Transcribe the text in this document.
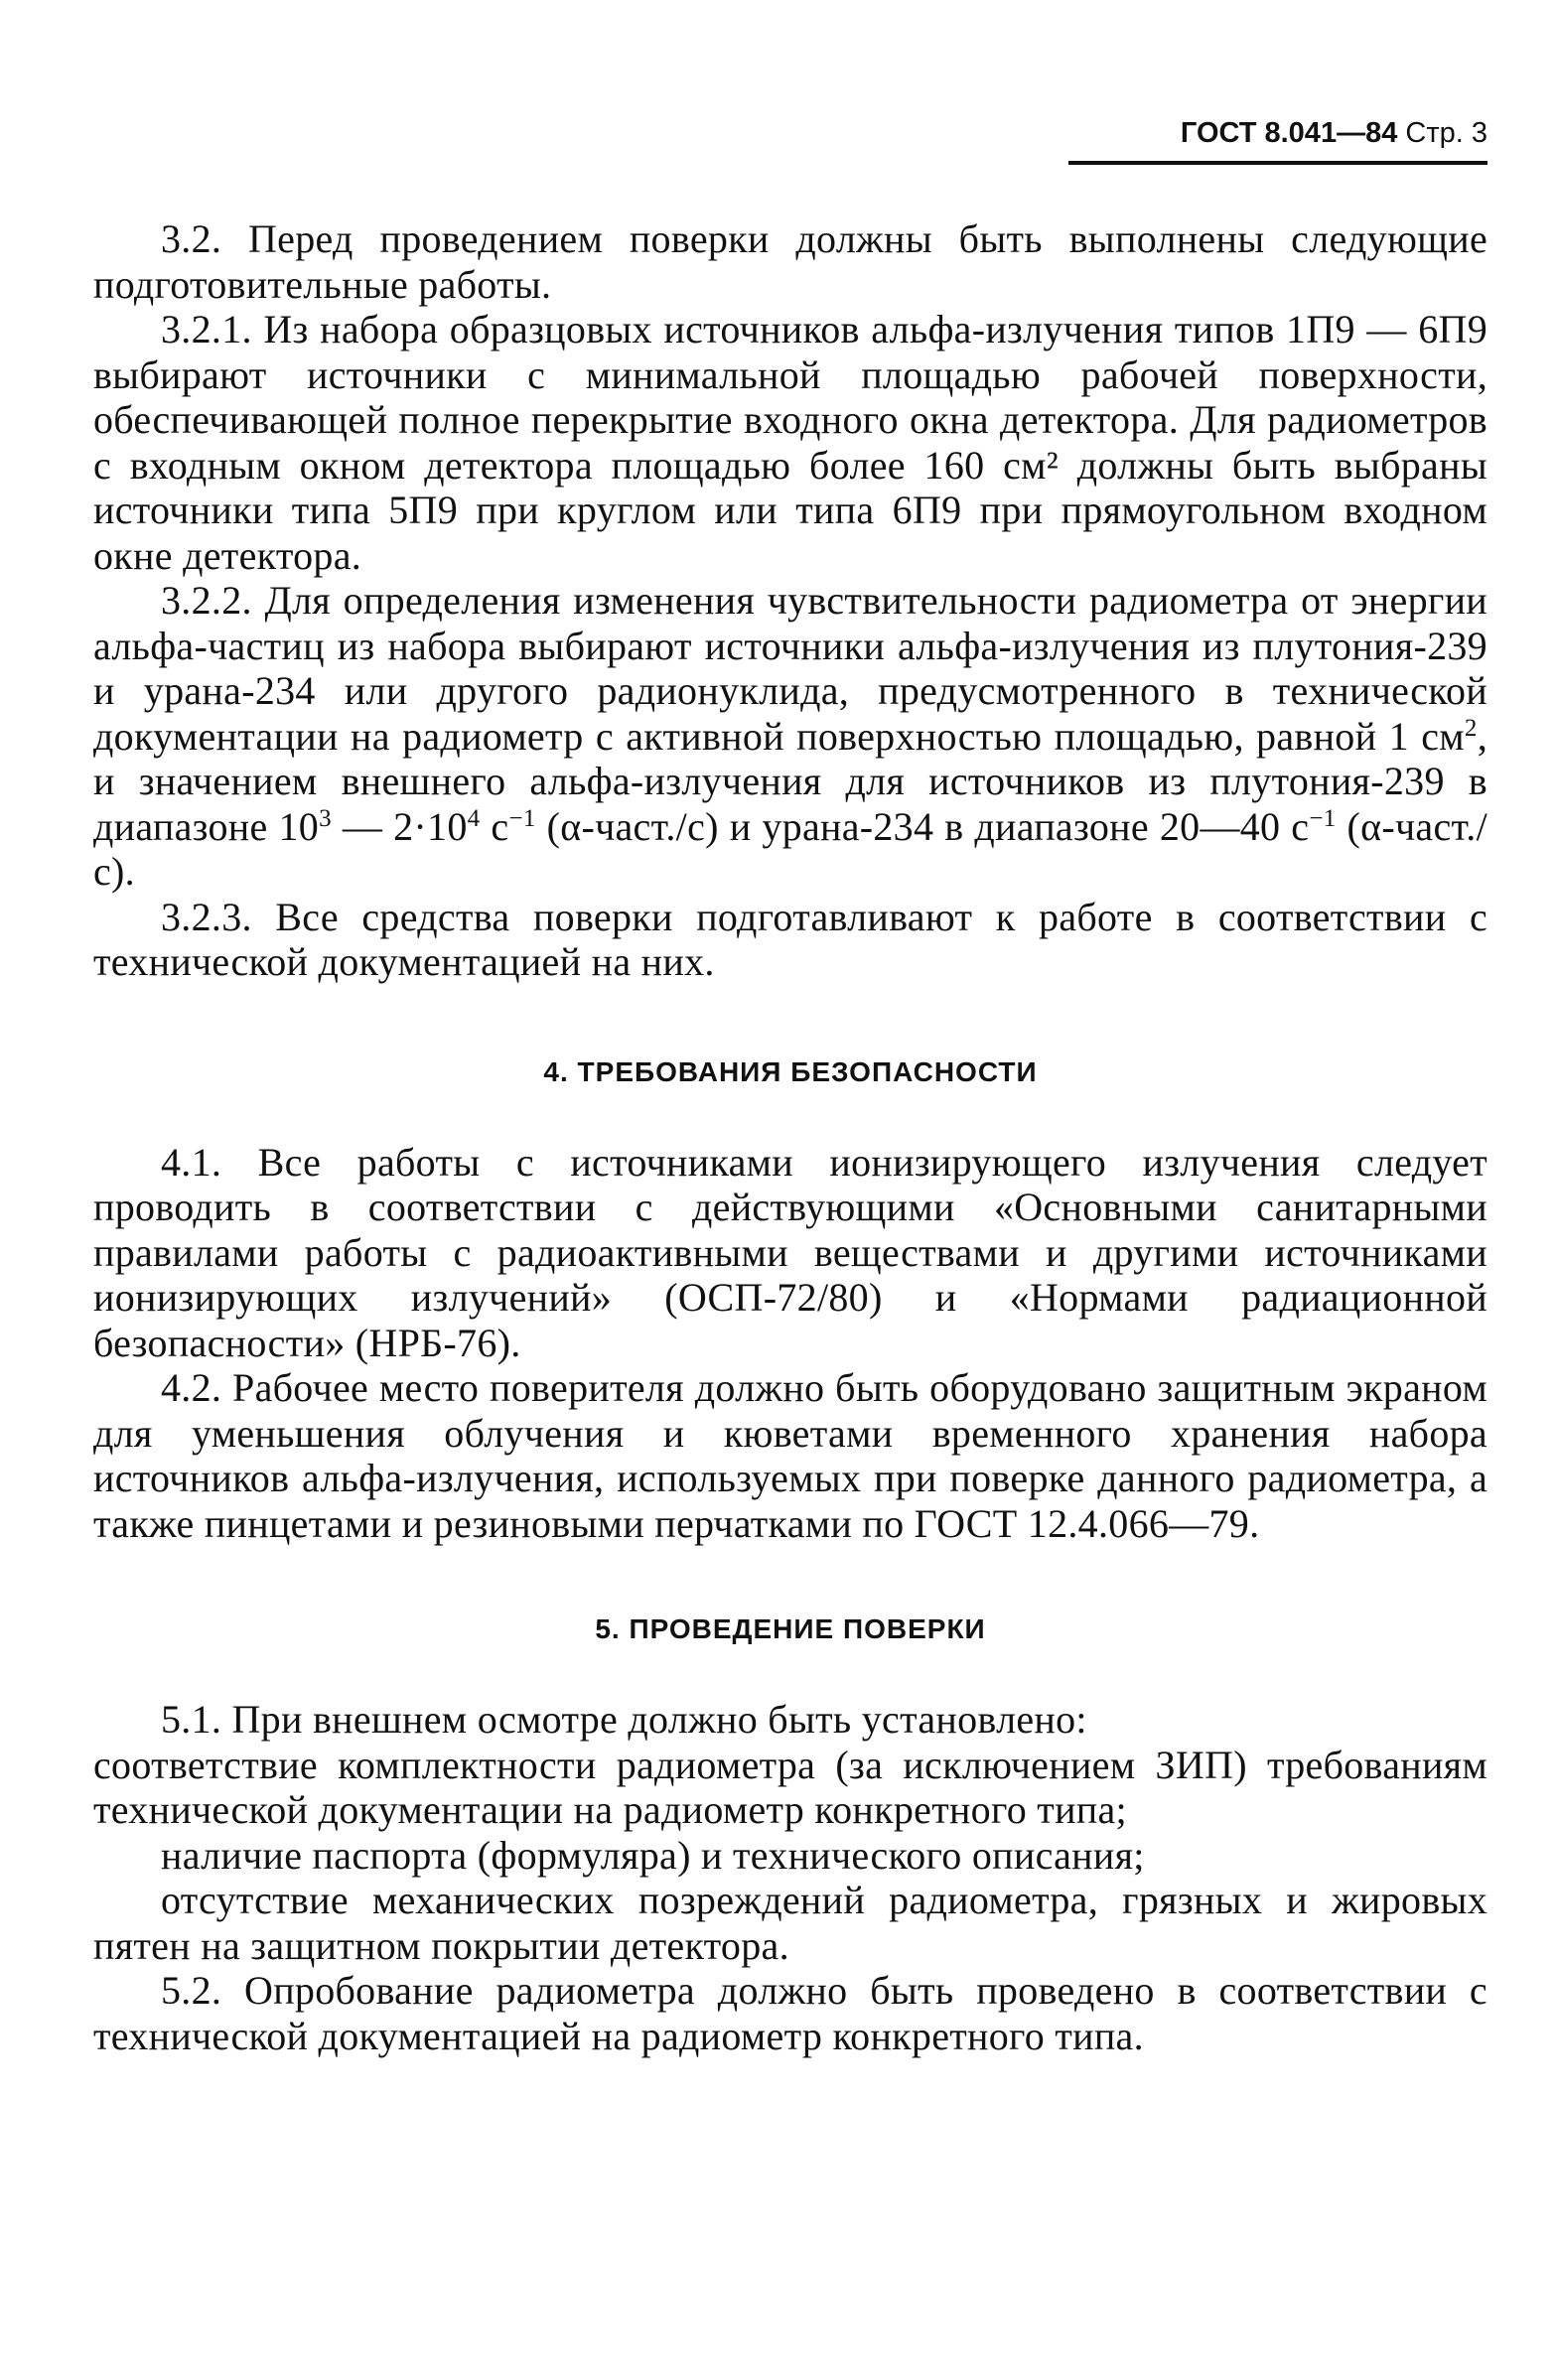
ГОСТ 8.041—84 Стр. 3

3.2. Перед проведением поверки должны быть выполнены следующие подготовительные работы.

3.2.1. Из набора образцовых источников альфа-излучения типов 1П9 — 6П9 выбирают источники с минимальной площадью рабочей поверхности, обеспечивающей полное перекрытие входного окна детектора. Для радиометров с входным окном детектора площадью более 160 см² должны быть выбраны источники типа 5П9 при круглом или типа 6П9 при прямоугольном входном окне детектора.

3.2.2. Для определения изменения чувствительности радиометра от энергии альфа-частиц из набора выбирают источники альфа-излучения из плутония-239 и урана-234 или другого радионуклида, предусмотренного в технической документации на радиометр с активной поверхностью площадью, равной 1 $см^2$, и значением внешнего альфа-излучения для источников из плутония-239 в диапазоне $10^3$ — $2\cdot 10^4$ $с^{-1}$ (α-част./с) и урана-234 в диапазоне 20—40 $с^{-1}$ (α-част./с).

3.2.3. Все средства поверки подготавливают к работе в соответствии с технической документацией на них.

4. ТРЕБОВАНИЯ БЕЗОПАСНОСТИ

4.1. Все работы с источниками ионизирующего излучения следует проводить в соответствии с действующими «Основными санитарными правилами работы с радиоактивными веществами и другими источниками ионизирующих излучений» (ОСП-72/80) и «Нормами радиационной безопасности» (НРБ-76).

4.2. Рабочее место поверителя должно быть оборудовано защитным экраном для уменьшения облучения и кюветами временного хранения набора источников альфа-излучения, используемых при поверке данного радиометра, а также пинцетами и резиновыми перчатками по ГОСТ 12.4.066—79.

5. ПРОВЕДЕНИЕ ПОВЕРКИ

5.1. При внешнем осмотре должно быть установлено:

соответствие комплектности радиометра (за исключением ЗИП) требованиям технической документации на радиометр конкретного типа;

наличие паспорта (формуляра) и технического описания;

отсутствие механических позреждений радиометра, грязных и жировых пятен на защитном покрытии детектора.

5.2. Опробование радиометра должно быть проведено в соответствии с технической документацией на радиометр конкретного типа.
